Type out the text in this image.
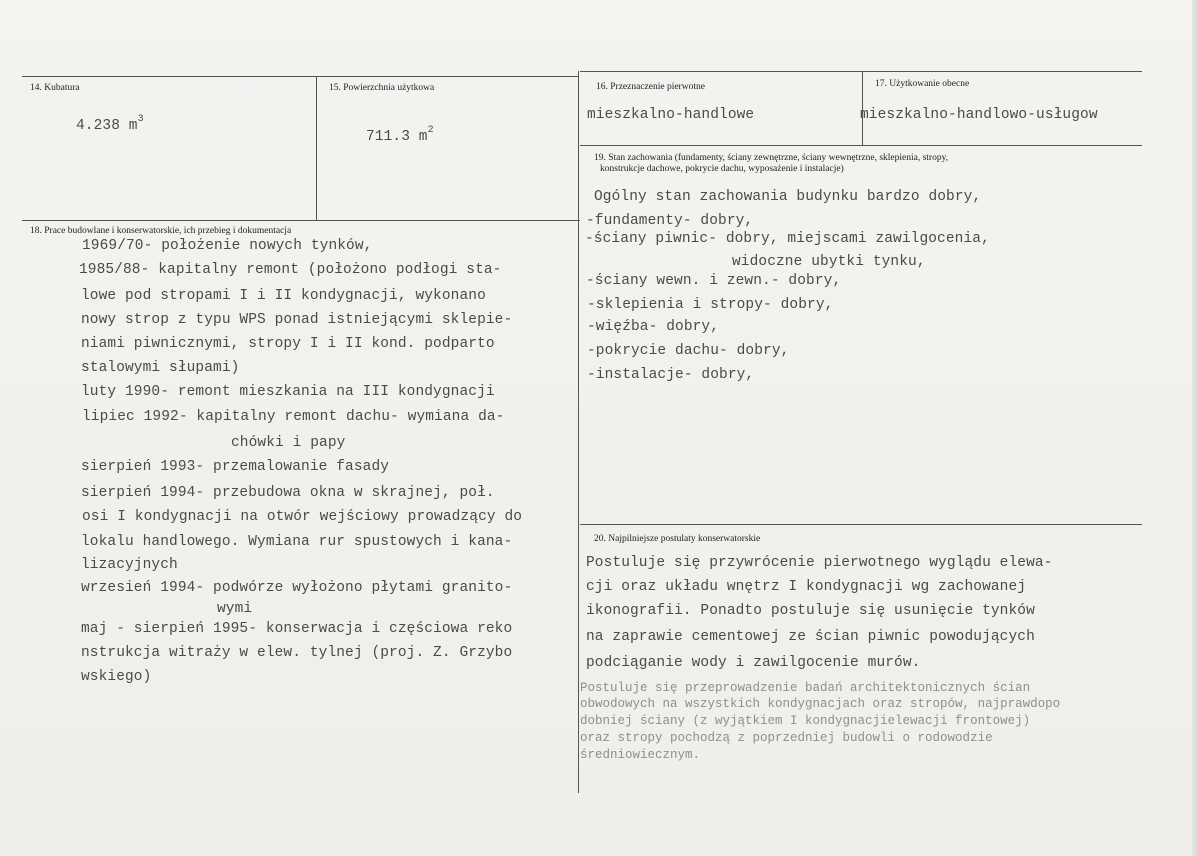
14. Kubatura
4.238 $m^3$
15. Powierzchnia użytkowa
711.3 $m^2$
16. Przeznaczenie pierwotne
mieszkalno-handlowe
17. Użytkowanie obecne
mieszkalno-handlowo-usługow
19. Stan zachowania (fundamenty, ściany zewnętrzne, ściany wewnętrzne, sklepienia, stropy,
konstrukcje dachowe, pokrycie dachu, wyposażenie i instalacje)
Ogólny stan zachowania budynku bardzo dobry,
-fundamenty- dobry,
-ściany piwnic- dobry, miejscami zawilgocenia,
widoczne ubytki tynku,
-ściany wewn. i zewn.- dobry,
-sklepienia i stropy- dobry,
-więźba- dobry,
-pokrycie dachu- dobry,
-instalacje- dobry,
18. Prace budowlane i konserwatorskie, ich przebieg i dokumentacja
1969/70- położenie nowych tynków,
1985/88- kapitalny remont (położono podłogi sta-
lowe pod stropami I i II kondygnacji, wykonano
nowy strop z typu WPS ponad istniejącymi sklepie-
niami piwnicznymi, stropy I i II kond. podparto
stalowymi słupami)
luty 1990- remont mieszkania na III kondygnacji
lipiec 1992- kapitalny remont dachu- wymiana da-
chówki i papy
sierpień 1993- przemalowanie fasady
sierpień 1994- przebudowa okna w skrajnej, poł.
osi I kondygnacji na otwór wejściowy prowadzący do
lokalu handlowego. Wymiana rur spustowych i kana-
lizacyjnych
wrzesień 1994- podwórze wyłożono płytami granito-
wymi
maj - sierpień 1995- konserwacja i częściowa reko
nstrukcja witraży w elew. tylnej (proj. Z. Grzybo
wskiego)
20. Najpilniejsze postulaty konserwatorskie
Postuluje się przywrócenie pierwotnego wyglądu elewa-
cji oraz układu wnętrz I kondygnacji wg zachowanej
ikonografii. Ponadto postuluje się usunięcie tynków
na zaprawie cementowej ze ścian piwnic powodujących
podciąganie wody i zawilgocenie murów.
Postuluje się przeprowadzenie badań architektonicznych ścian
obwodowych na wszystkich kondygnacjach oraz stropów, najprawdopo
dobniej ściany (z wyjątkiem I kondygnacjielewacji frontowej)
oraz stropy pochodzą z poprzedniej budowli o rodowodzie
średniowiecznym.
